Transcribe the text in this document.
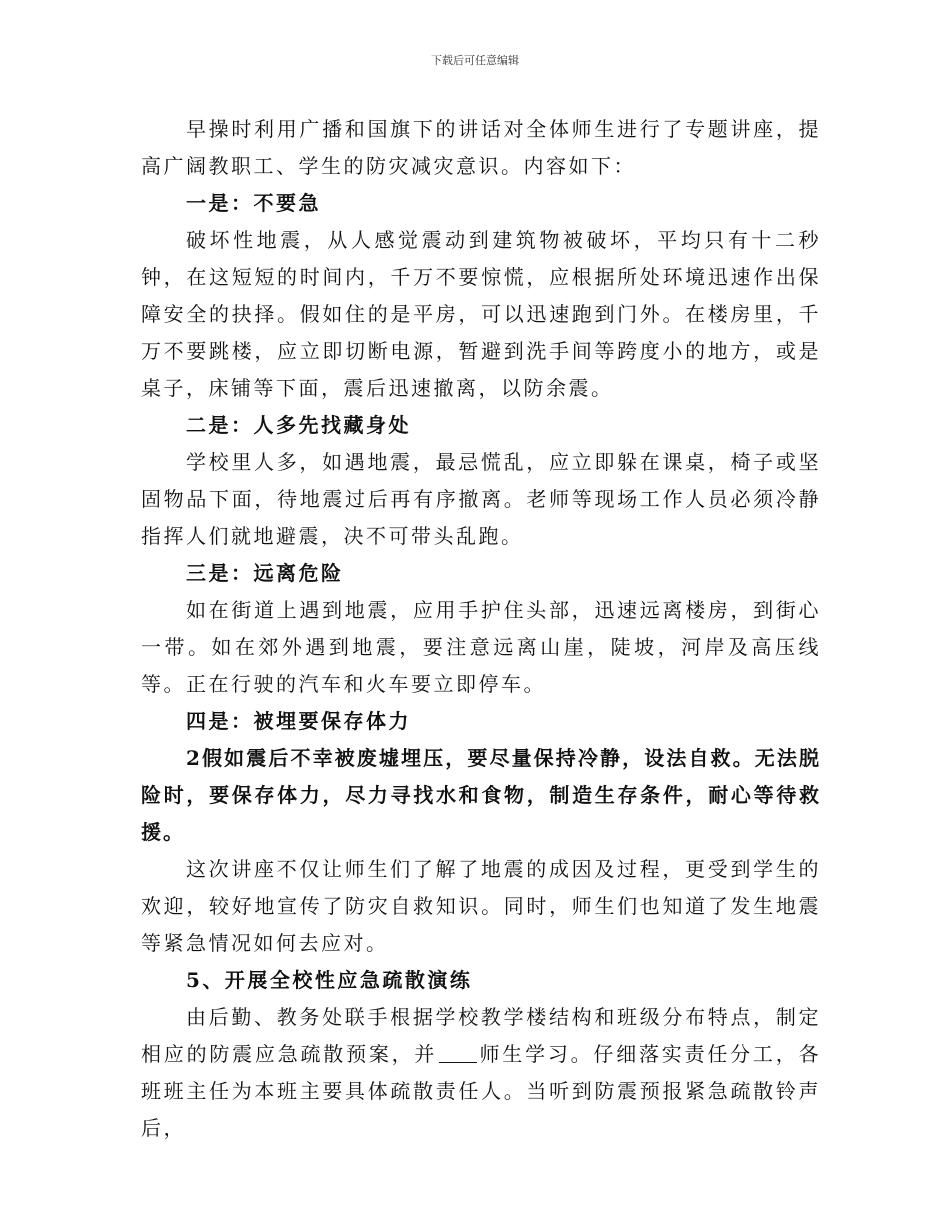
下载后可任意编辑

早操时利用广播和国旗下的讲话对全体师生进行了专题讲座，提高广阔教职工、学生的防灾减灾意识。内容如下：

一是：不要急

破坏性地震，从人感觉震动到建筑物被破坏，平均只有十二秒钟，在这短短的时间内，千万不要惊慌，应根据所处环境迅速作出保障安全的抉择。假如住的是平房，可以迅速跑到门外。在楼房里，千万不要跳楼，应立即切断电源，暂避到洗手间等跨度小的地方，或是桌子，床铺等下面，震后迅速撤离，以防余震。

二是：人多先找藏身处

学校里人多，如遇地震，最忌慌乱，应立即躲在课桌，椅子或坚固物品下面，待地震过后再有序撤离。老师等现场工作人员必须冷静指挥人们就地避震，决不可带头乱跑。

三是：远离危险

如在街道上遇到地震，应用手护住头部，迅速远离楼房，到街心一带。如在郊外遇到地震，要注意远离山崖，陡坡，河岸及高压线等。正在行驶的汽车和火车要立即停车。

四是：被埋要保存体力

2假如震后不幸被废墟埋压，要尽量保持冷静，设法自救。无法脱险时，要保存体力，尽力寻找水和食物，制造生存条件，耐心等待救援。

这次讲座不仅让师生们了解了地震的成因及过程，更受到学生的欢迎，较好地宣传了防灾自救知识。同时，师生们也知道了发生地震等紧急情况如何去应对。

5、开展全校性应急疏散演练

由后勤、教务处联手根据学校教学楼结构和班级分布特点，制定相应的防震应急疏散预案，并 师生学习。仔细落实责任分工，各班班主任为本班主要具体疏散责任人。当听到防震预报紧急疏散铃声后，
